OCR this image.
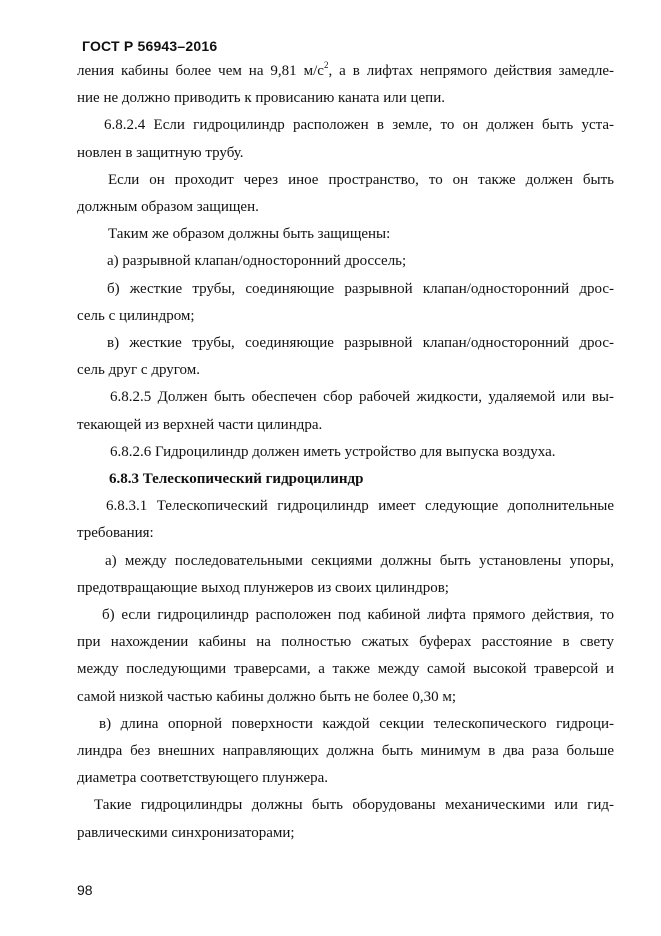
ГОСТ Р 56943–2016
ления кабины более чем на 9,81 $м/с^2$, а в лифтах непрямого действия замедле-
ние не должно приводить к провисанию каната или цепи.
6.8.2.4 Если гидроцилиндр расположен в земле, то он должен быть уста-
новлен в защитную трубу.
Если он проходит через иное пространство, то он также должен быть
должным образом защищен.
Таким же образом должны быть защищены:
а) разрывной клапан/односторонний дроссель;
б) жесткие трубы, соединяющие разрывной клапан/односторонний дрос-
сель с цилиндром;
в) жесткие трубы, соединяющие разрывной клапан/односторонний дрос-
сель друг с другом.
6.8.2.5 Должен быть обеспечен сбор рабочей жидкости, удаляемой или вы-
текающей из верхней части цилиндра.
6.8.2.6 Гидроцилиндр должен иметь устройство для выпуска воздуха.
6.8.3 Телескопический гидроцилиндр
6.8.3.1 Телескопический гидроцилиндр имеет следующие дополнительные
требования:
а) между последовательными секциями должны быть установлены упоры,
предотвращающие выход плунжеров из своих цилиндров;
б) если гидроцилиндр расположен под кабиной лифта прямого действия, то
при нахождении кабины на полностью сжатых буферах расстояние в свету
между последующими траверсами, а также между самой высокой траверсой и
самой низкой частью кабины должно быть не более 0,30 м;
в) длина опорной поверхности каждой секции телескопического гидроци-
линдра без внешних направляющих должна быть минимум в два раза больше
диаметра соответствующего плунжера.
Такие гидроцилиндры должны быть оборудованы механическими или гид-
равлическими синхронизаторами;
98
